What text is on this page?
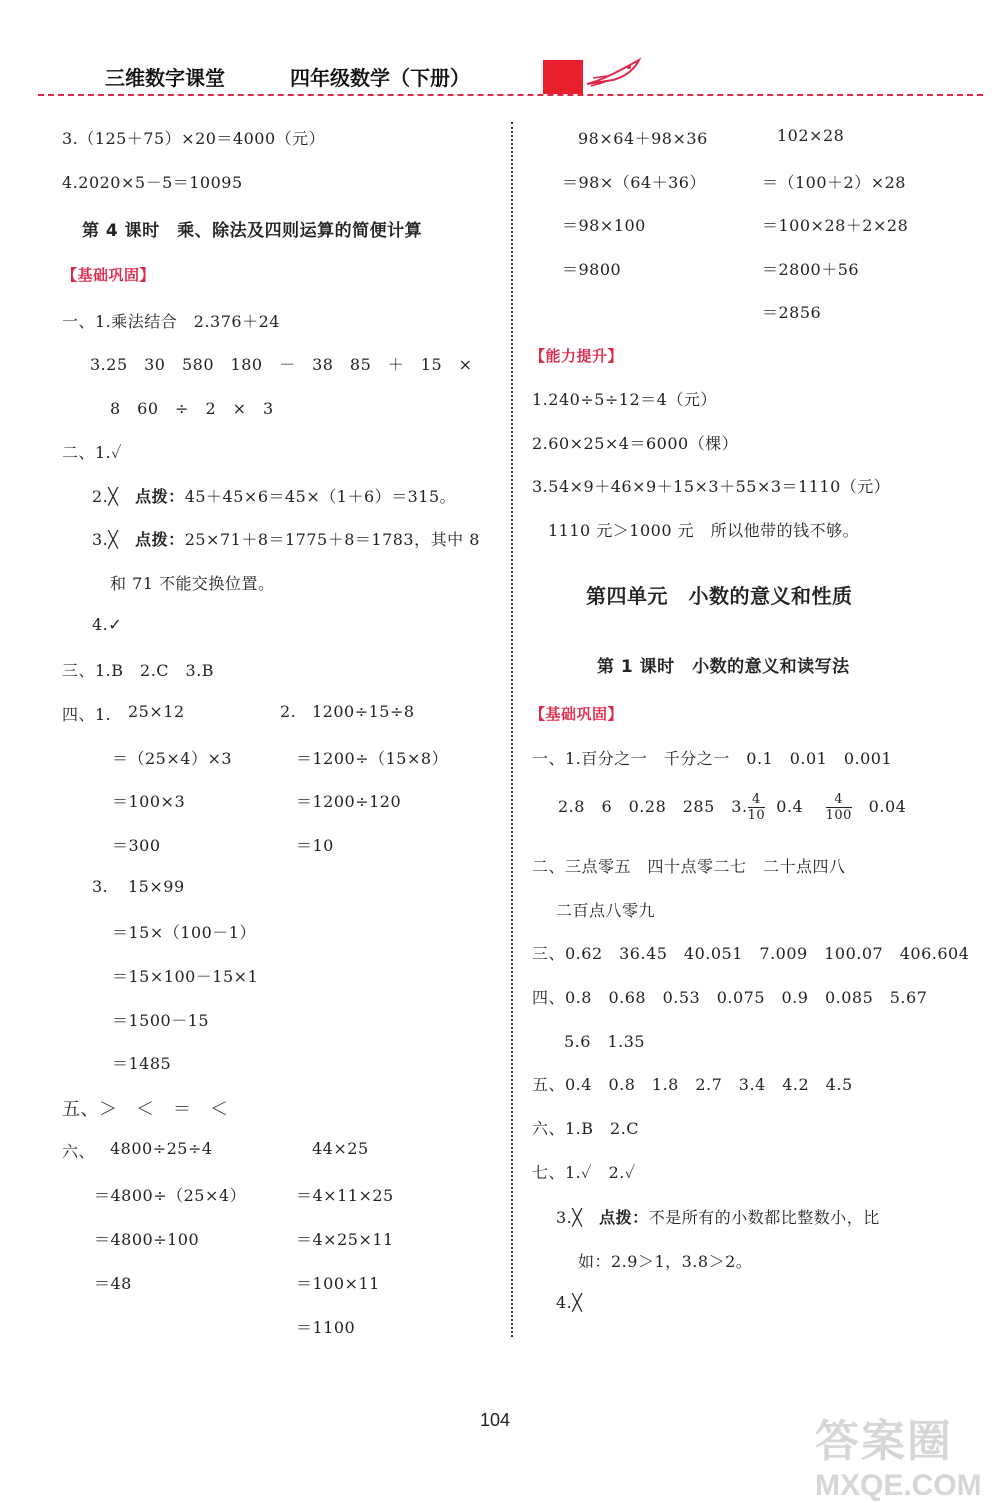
三维数字课堂	四年级数学（下册）
3.（125＋75）×20＝4000（元）
4.2020×5－5＝10095
第 4 课时　乘、除法及四则运算的简便计算
【基础巩固】
一、1.乘法结合　2.376＋24
3.25　30　580　180　－　38　85　＋　15　×
8　60　÷　2　×　3
二、1.✓
2.╳ 点拨：45＋45×6＝45×（1＋6）＝315。
3.╳ 点拨：25×71＋8＝1775＋8＝1783，其中 8
和 71 不能交换位置。
4.✓
三、1.B　2.C　3.B
四、1. 25×12
＝（25×4）×3
＝100×3
＝300
2. 1200÷15÷8
＝1200÷（15×8）
＝1200÷120
＝10
3. 15×99
＝15×（100－1）
＝15×100－15×1
＝1500－15
＝1485
五、＞　＜　＝　＜
六、 4800÷25÷4
＝4800÷（25×4）
＝4800÷100
＝48
44×25
＝4×11×25
＝4×25×11
＝100×11
＝1100
98×64＋98×36
＝98×（64＋36）
＝98×100
＝9800
102×28
＝（100＋2）×28
＝100×28＋2×28
＝2800＋56
＝2856
【能力提升】
1.240÷5÷12＝4（元）
2.60×25×4＝6000（棵）
3.54×9＋46×9＋15×3＋55×3＝1110（元）
1110 元＞1000 元　所以他带的钱不够。
第四单元　小数的意义和性质
第 1 课时　小数的意义和读写法
【基础巩固】
一、1.百分之一　千分之一　0.1　0.01　0.001
2.8　6　0.28　285　3. $\frac{4}{10} 0.4 \frac{4}{100} 0.04$
二、三点零五　四十点零二七　二十点四八
二百点八零九
三、0.62　36.45　40.051　7.009　100.07　406.604
四、0.8　0.68　0.53　0.075　0.9　0.085　5.67
5.6　1.35
五、0.4　0.8　1.8　2.7　3.4　4.2　4.5
六、1.B　2.C
七、1.✓　2.✓
3.╳ 点拨：不是所有的小数都比整数小，比
如：2.9＞1，3.8＞2。
4.╳
104	答案圈
MXQE.COM
